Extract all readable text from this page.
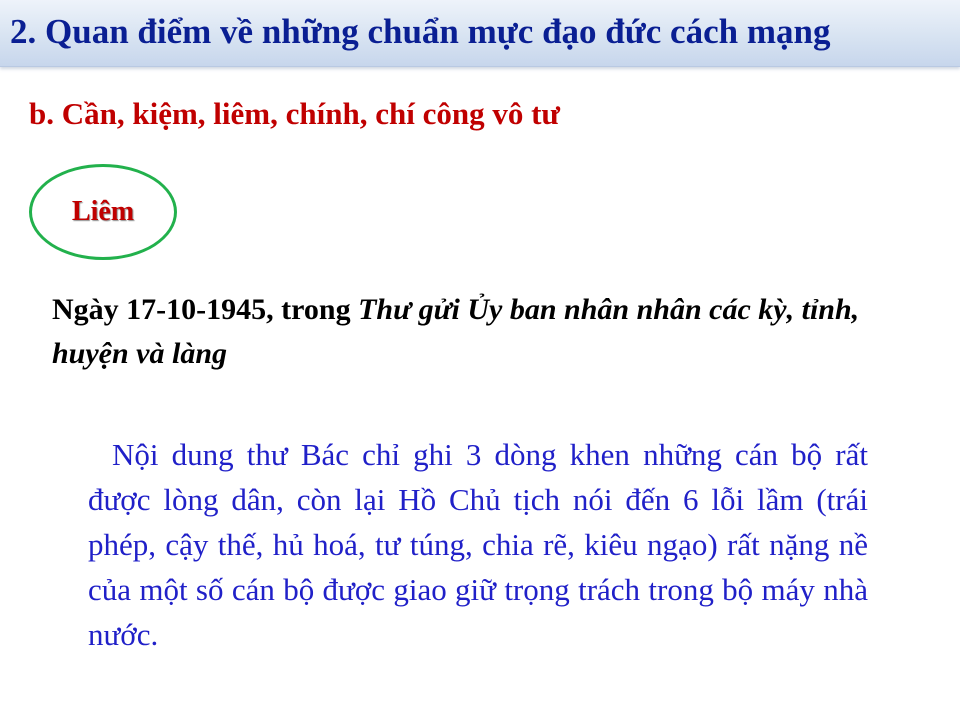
2. Quan điểm về những chuẩn mực đạo đức cách mạng
b. Cần, kiệm, liêm, chính, chí công vô tư
Liêm
Ngày 17-10-1945, trong Thư gửi Ủy ban nhân nhân các kỳ, tỉnh, huyện và làng
Nội dung thư Bác chỉ ghi 3 dòng khen những cán bộ rất được lòng dân, còn lại Hồ Chủ tịch nói đến 6 lỗi lầm (trái phép, cậy thế, hủ hoá, tư túng, chia rẽ, kiêu ngạo) rất nặng nề của một số cán bộ được giao giữ trọng trách trong bộ máy nhà nước.
